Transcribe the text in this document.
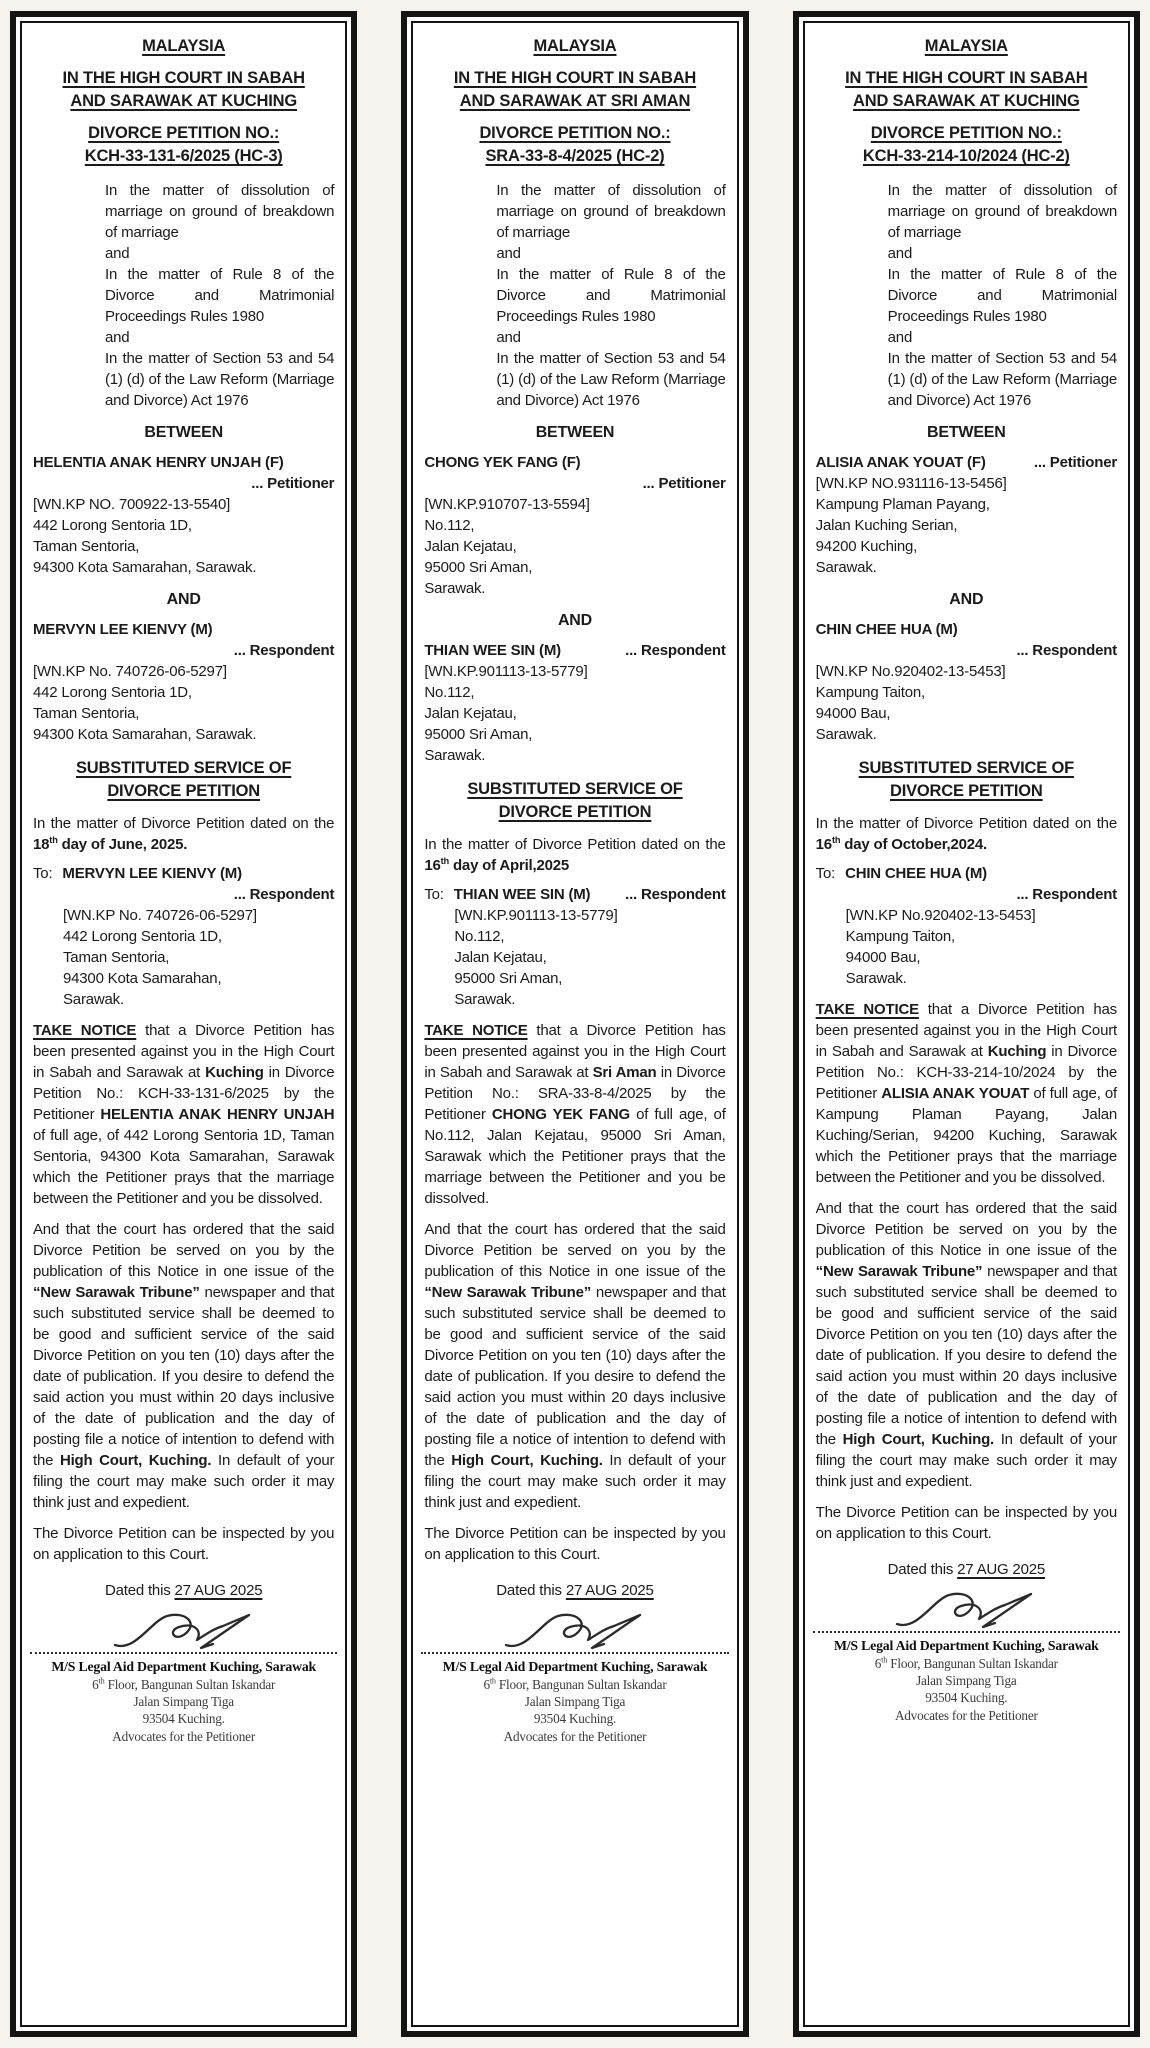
MALAYSIA
IN THE HIGH COURT IN SABAH
AND SARAWAK AT KUCHING
DIVORCE PETITION NO.:
KCH-33-131-6/2025 (HC-3)
In the matter of dissolution of marriage on ground of breakdown of marriage
and
In the matter of Rule 8 of the Divorce and Matrimonial Proceedings Rules 1980
and
In the matter of Section 53 and 54 (1) (d) of the Law Reform (Marriage and Divorce) Act 1976
BETWEEN
HELENTIA ANAK HENRY UNJAH (F)
... Petitioner
[WN.KP NO. 700922-13-5540]
442 Lorong Sentoria 1D,
Taman Sentoria,
94300 Kota Samarahan, Sarawak.
AND
MERVYN LEE KIENVY (M)
... Respondent
[WN.KP No. 740726-06-5297]
442 Lorong Sentoria 1D,
Taman Sentoria,
94300 Kota Samarahan, Sarawak.
SUBSTITUTED SERVICE OF
DIVORCE PETITION
In the matter of Divorce Petition dated on the 18th day of June, 2025.
To: MERVYN LEE KIENVY (M)
... Respondent
[WN.KP No. 740726-06-5297]
442 Lorong Sentoria 1D,
Taman Sentoria,
94300 Kota Samarahan,
Sarawak.
TAKE NOTICE that a Divorce Petition has been presented against you in the High Court in Sabah and Sarawak at Kuching in Divorce Petition No.: KCH-33-131-6/2025 by the Petitioner HELENTIA ANAK HENRY UNJAH of full age, of 442 Lorong Sentoria 1D, Taman Sentoria, 94300 Kota Samarahan, Sarawak which the Petitioner prays that the marriage between the Petitioner and you be dissolved.
And that the court has ordered that the said Divorce Petition be served on you by the publication of this Notice in one issue of the “New Sarawak Tribune” newspaper and that such substituted service shall be deemed to be good and sufficient service of the said Divorce Petition on you ten (10) days after the date of publication. If you desire to defend the said action you must within 20 days inclusive of the date of publication and the day of posting file a notice of intention to defend with the High Court, Kuching. In default of your filing the court may make such order it may think just and expedient.
The Divorce Petition can be inspected by you on application to this Court.
Dated this 27 AUG 2025
M/S Legal Aid Department Kuching, Sarawak
6th Floor, Bangunan Sultan Iskandar
Jalan Simpang Tiga
93504 Kuching.
Advocates for the Petitioner
MALAYSIA
IN THE HIGH COURT IN SABAH
AND SARAWAK AT SRI AMAN
DIVORCE PETITION NO.:
SRA-33-8-4/2025 (HC-2)
In the matter of dissolution of marriage on ground of breakdown of marriage
and
In the matter of Rule 8 of the Divorce and Matrimonial Proceedings Rules 1980
and
In the matter of Section 53 and 54 (1) (d) of the Law Reform (Marriage and Divorce) Act 1976
BETWEEN
CHONG YEK FANG (F)
... Petitioner
[WN.KP.910707-13-5594]
No.112,
Jalan Kejatau,
95000 Sri Aman,
Sarawak.
AND
THIAN WEE SIN (M)	... Respondent
[WN.KP.901113-13-5779]
No.112,
Jalan Kejatau,
95000 Sri Aman,
Sarawak.
SUBSTITUTED SERVICE OF
DIVORCE PETITION
In the matter of Divorce Petition dated on the 16th day of April,2025
To: THIAN WEE SIN (M) ... Respondent
[WN.KP.901113-13-5779]
No.112,
Jalan Kejatau,
95000 Sri Aman,
Sarawak.
TAKE NOTICE that a Divorce Petition has been presented against you in the High Court in Sabah and Sarawak at Sri Aman in Divorce Petition No.: SRA-33-8-4/2025 by the Petitioner CHONG YEK FANG of full age, of No.112, Jalan Kejatau, 95000 Sri Aman, Sarawak which the Petitioner prays that the marriage between the Petitioner and you be dissolved.
And that the court has ordered that the said Divorce Petition be served on you by the publication of this Notice in one issue of the “New Sarawak Tribune” newspaper and that such substituted service shall be deemed to be good and sufficient service of the said Divorce Petition on you ten (10) days after the date of publication. If you desire to defend the said action you must within 20 days inclusive of the date of publication and the day of posting file a notice of intention to defend with the High Court, Kuching. In default of your filing the court may make such order it may think just and expedient.
The Divorce Petition can be inspected by you on application to this Court.
Dated this 27 AUG 2025
M/S Legal Aid Department Kuching, Sarawak
6th Floor, Bangunan Sultan Iskandar
Jalan Simpang Tiga
93504 Kuching.
Advocates for the Petitioner
MALAYSIA
IN THE HIGH COURT IN SABAH
AND SARAWAK AT KUCHING
DIVORCE PETITION NO.:
KCH-33-214-10/2024 (HC-2)
In the matter of dissolution of marriage on ground of breakdown of marriage
and
In the matter of Rule 8 of the Divorce and Matrimonial Proceedings Rules 1980
and
In the matter of Section 53 and 54 (1) (d) of the Law Reform (Marriage and Divorce) Act 1976
BETWEEN
ALISIA ANAK YOUAT (F)	... Petitioner
[WN.KP NO.931116-13-5456]
Kampung Plaman Payang,
Jalan Kuching Serian,
94200 Kuching,
Sarawak.
AND
CHIN CHEE HUA (M)
... Respondent
[WN.KP No.920402-13-5453]
Kampung Taiton,
94000 Bau,
Sarawak.
SUBSTITUTED SERVICE OF
DIVORCE PETITION
In the matter of Divorce Petition dated on the 16th day of October,2024.
To: CHIN CHEE HUA (M)
... Respondent
[WN.KP No.920402-13-5453]
Kampung Taiton,
94000 Bau,
Sarawak.
TAKE NOTICE that a Divorce Petition has been presented against you in the High Court in Sabah and Sarawak at Kuching in Divorce Petition No.: KCH-33-214-10/2024 by the Petitioner ALISIA ANAK YOUAT of full age, of Kampung Plaman Payang, Jalan Kuching/Serian, 94200 Kuching, Sarawak which the Petitioner prays that the marriage between the Petitioner and you be dissolved.
And that the court has ordered that the said Divorce Petition be served on you by the publication of this Notice in one issue of the “New Sarawak Tribune” newspaper and that such substituted service shall be deemed to be good and sufficient service of the said Divorce Petition on you ten (10) days after the date of publication. If you desire to defend the said action you must within 20 days inclusive of the date of publication and the day of posting file a notice of intention to defend with the High Court, Kuching. In default of your filing the court may make such order it may think just and expedient.
The Divorce Petition can be inspected by you on application to this Court.
Dated this 27 AUG 2025
M/S Legal Aid Department Kuching, Sarawak
6th Floor, Bangunan Sultan Iskandar
Jalan Simpang Tiga
93504 Kuching.
Advocates for the Petitioner
